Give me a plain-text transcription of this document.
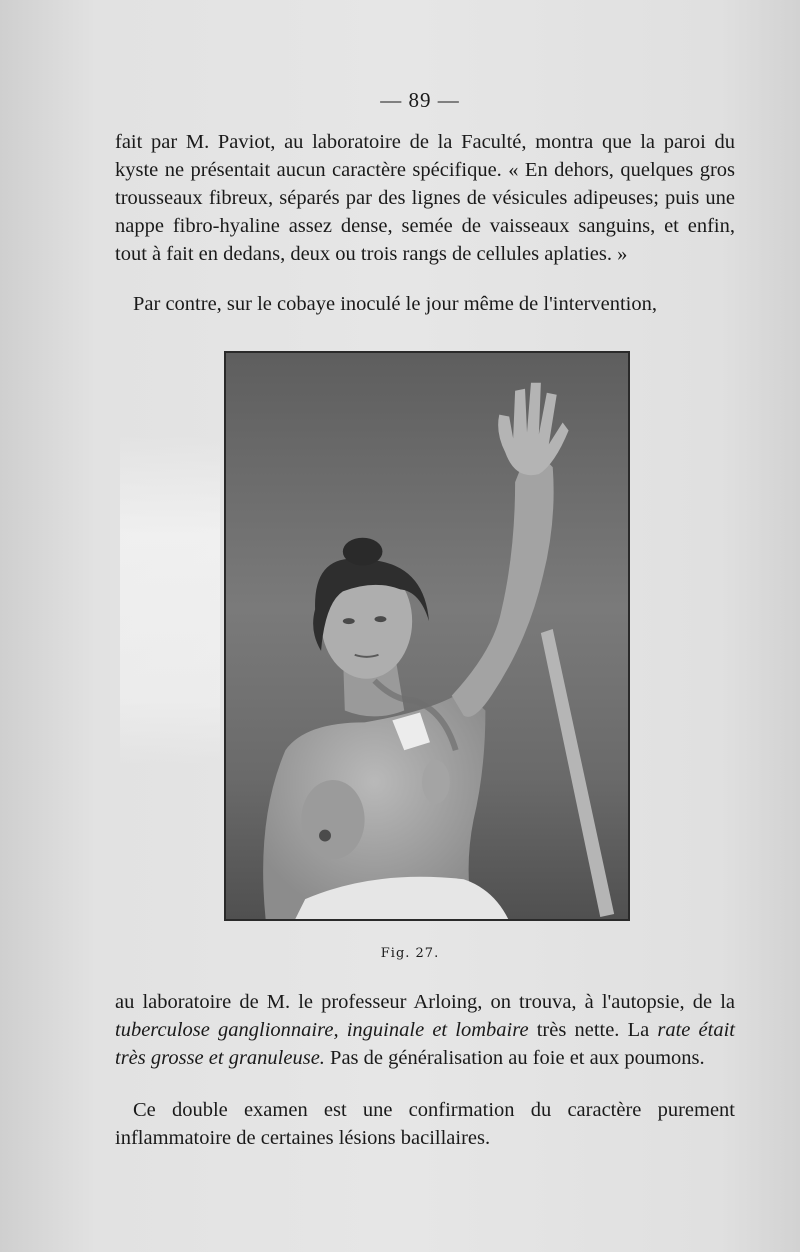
— 89 —

fait par M. Paviot, au laboratoire de la Faculté, montra que la paroi du kyste ne présentait aucun caractère spécifique. « En dehors, quelques gros trousseaux fibreux, séparés par des lignes de vésicules adipeuses; puis une nappe fibro-hyaline assez dense, semée de vaisseaux sanguins, et enfin, tout à fait en dedans, deux ou trois rangs de cellules aplaties. »

Par contre, sur le cobaye inoculé le jour même de l'intervention,

Fig. 27.

au laboratoire de M. le professeur Arloing, on trouva, à l'autopsie, de la tuberculose ganglionnaire, inguinale et lombaire très nette. La rate était très grosse et granuleuse. Pas de généralisation au foie et aux poumons.

Ce double examen est une confirmation du caractère purement inflammatoire de certaines lésions bacillaires.
